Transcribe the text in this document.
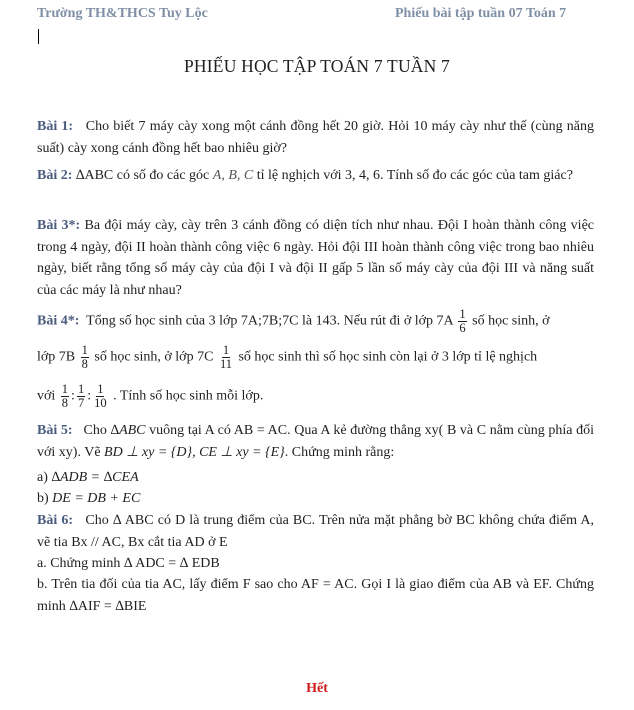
Trường TH&THCS Tuy Lộc	Phiếu bài tập tuần 07 Toán 7
PHIẾU HỌC TẬP TOÁN 7 TUẦN 7
Bài 1: Cho biết 7 máy cày xong một cánh đồng hết 20 giờ. Hỏi 10 máy cày như thế (cùng năng suất) cày xong cánh đồng hết bao nhiêu giờ?
Bài 2: ∆ABC có số đo các góc A, B, C tỉ lệ nghịch với 3, 4, 6. Tính số đo các góc của tam giác?
Bài 3*: Ba đội máy cày, cày trên 3 cánh đồng có diện tích như nhau. Đội I hoàn thành công việc trong 4 ngày, đội II hoàn thành công việc 6 ngày. Hỏi đội III hoàn thành công việc trong bao nhiêu ngày, biết rằng tổng số máy cày của đội I và đội II gấp 5 lần số máy cày của đội III và năng suất của các máy là như nhau?
Bài 4*: Tổng số học sinh của 3 lớp 7A;7B;7C là 143. Nếu rút đi ở lớp $7A \frac{1}{6}$ số học sinh, ở
lớp $7B \frac{1}{8}$ số học sinh, ở lớp $7C \frac{1}{11}$ số học sinh thì số học sinh còn lại ở 3 lớp tỉ lệ nghịch
với $\frac{1}{8}$ : $\frac{1}{7}$ : $\frac{1}{10}$ . Tính số học sinh mỗi lớp.
Bài 5: Cho ∆ABC vuông tại A có AB = AC. Qua A kẻ đường thẳng xy( B và C nằm cùng phía đối với xy). Vẽ BD ⊥ xy = {D}, CE ⊥ xy = {E}. Chứng minh rằng:
a) ∆ADB = ∆CEA
b) DE = DB + EC
Bài 6: Cho ∆ ABC có D là trung điểm của BC. Trên nửa mặt phẳng bờ BC không chứa điểm A, vẽ tia Bx // AC, Bx cắt tia AD ở E
a. Chứng minh ∆ ADC = ∆ EDB
b. Trên tia đối của tia AC, lấy điểm F sao cho AF = AC. Gọi I là giao điểm của AB và EF. Chứng minh ∆AIF = ∆BIE
Hết
